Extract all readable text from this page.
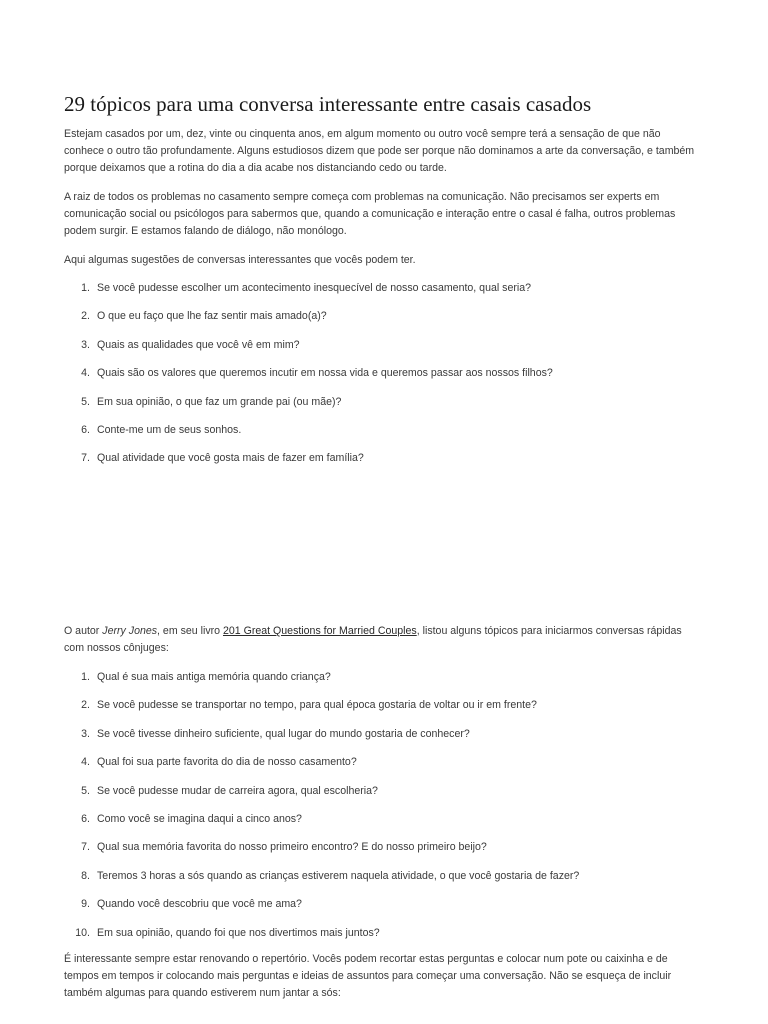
29 tópicos para uma conversa interessante entre casais casados

Estejam casados por um, dez, vinte ou cinquenta anos, em algum momento ou outro você sempre terá a sensação de que não conhece o outro tão profundamente. Alguns estudiosos dizem que pode ser porque não dominamos a arte da conversação, e também porque deixamos que a rotina do dia a dia acabe nos distanciando cedo ou tarde.

A raiz de todos os problemas no casamento sempre começa com problemas na comunicação. Não precisamos ser experts em comunicação social ou psicólogos para sabermos que, quando a comunicação e interação entre o casal é falha, outros problemas podem surgir. E estamos falando de diálogo, não monólogo.

Aqui algumas sugestões de conversas interessantes que vocês podem ter.

1. Se você pudesse escolher um acontecimento inesquecível de nosso casamento, qual seria?
2. O que eu faço que lhe faz sentir mais amado(a)?
3. Quais as qualidades que você vê em mim?
4. Quais são os valores que queremos incutir em nossa vida e queremos passar aos nossos filhos?
5. Em sua opinião, o que faz um grande pai (ou mãe)?
6. Conte-me um de seus sonhos.
7. Qual atividade que você gosta mais de fazer em família?

O autor Jerry Jones, em seu livro 201 Great Questions for Married Couples, listou alguns tópicos para iniciarmos conversas rápidas com nossos cônjuges:

1. Qual é sua mais antiga memória quando criança?
2. Se você pudesse se transportar no tempo, para qual época gostaria de voltar ou ir em frente?
3. Se você tivesse dinheiro suficiente, qual lugar do mundo gostaria de conhecer?
4. Qual foi sua parte favorita do dia de nosso casamento?
5. Se você pudesse mudar de carreira agora, qual escolheria?
6. Como você se imagina daqui a cinco anos?
7. Qual sua memória favorita do nosso primeiro encontro? E do nosso primeiro beijo?
8. Teremos 3 horas a sós quando as crianças estiverem naquela atividade, o que você gostaria de fazer?
9. Quando você descobriu que você me ama?
10. Em sua opinião, quando foi que nos divertimos mais juntos?

É interessante sempre estar renovando o repertório. Vocês podem recortar estas perguntas e colocar num pote ou caixinha e de tempos em tempos ir colocando mais perguntas e ideias de assuntos para começar uma conversação. Não se esqueça de incluir também algumas para quando estiverem num jantar a sós:
